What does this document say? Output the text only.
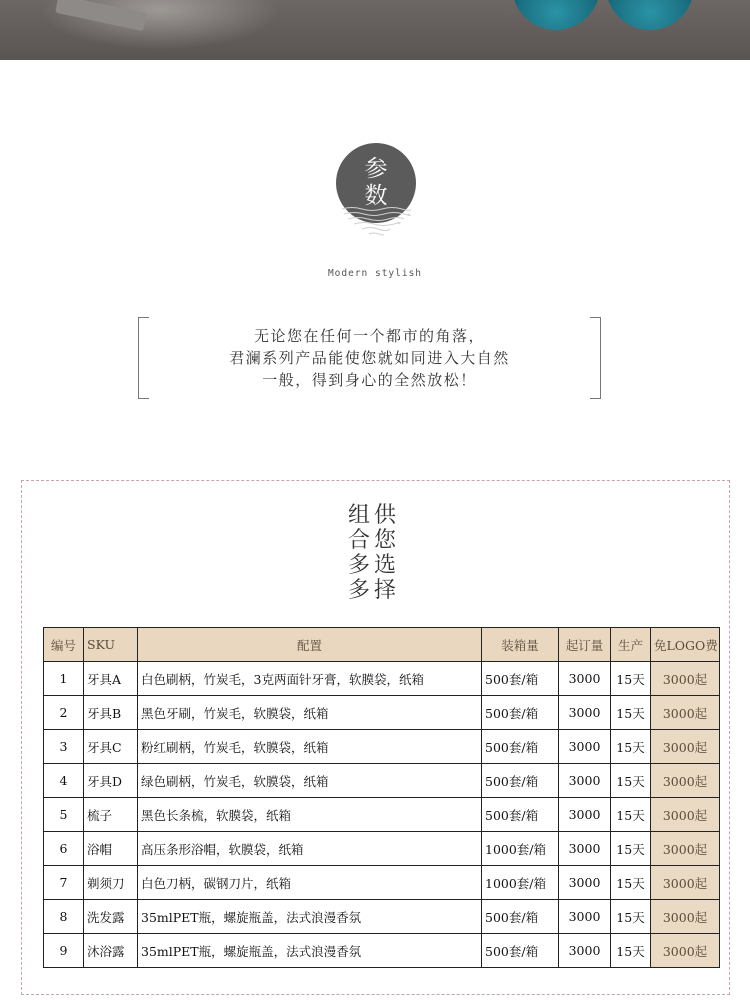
参
数
Modern stylish
无论您在任何一个都市的角落，
君澜系列产品能使您就如同进入大自然
一般，得到身心的全然放松！
供
您
选
择
组
合
多
多
编号	SKU	配置	装箱量	起订量	生产	免LOGO费
1	牙具A	白色刷柄，竹炭毛，3克两面针牙膏，软膜袋，纸箱	500套/箱	3000	15天	3000起
2	牙具B	黑色牙刷，竹炭毛，软膜袋，纸箱	500套/箱	3000	15天	3000起
3	牙具C	粉红刷柄，竹炭毛，软膜袋，纸箱	500套/箱	3000	15天	3000起
4	牙具D	绿色刷柄，竹炭毛，软膜袋，纸箱	500套/箱	3000	15天	3000起
5	梳子	黑色长条梳，软膜袋，纸箱	500套/箱	3000	15天	3000起
6	浴帽	高压条形浴帽，软膜袋，纸箱	1000套/箱	3000	15天	3000起
7	剃须刀	白色刀柄，碳钢刀片，纸箱	1000套/箱	3000	15天	3000起
8	洗发露	35mlPET瓶，螺旋瓶盖，法式浪漫香氛	500套/箱	3000	15天	3000起
9	沐浴露	35mlPET瓶，螺旋瓶盖，法式浪漫香氛	500套/箱	3000	15天	3000起
